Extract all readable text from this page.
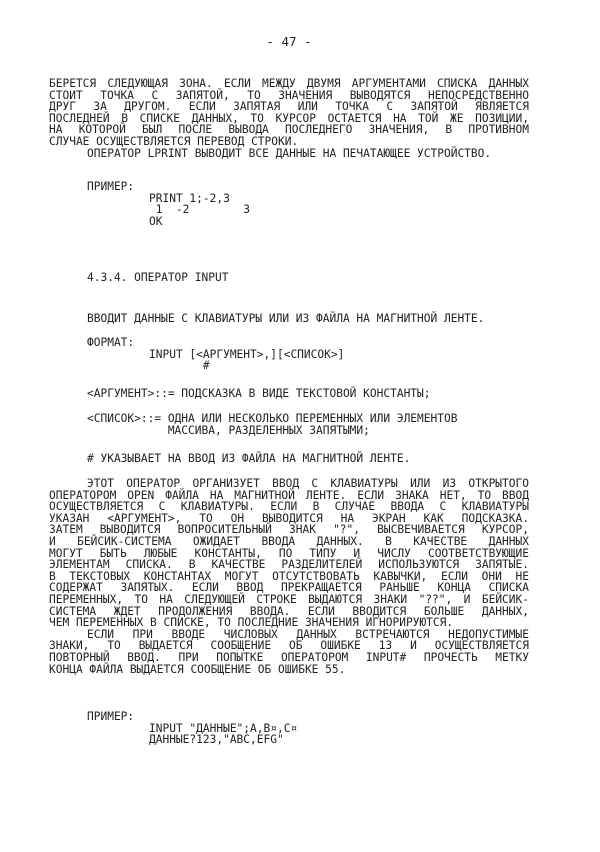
- 47 -
БЕРЕТСЯ СЛЕДУЮЩАЯ ЗОНА. ЕСЛИ МЕЖДУ ДВУМЯ АРГУМЕНТАМИ СПИСКА ДАННЫХ
СТОИТ ТОЧКА С ЗАПЯТОЙ, ТО ЗНАЧЕНИЯ ВЫВОДЯТСЯ НЕПОСРЕДСТВЕННО
ДРУГ ЗА ДРУГОМ. ЕСЛИ ЗАПЯТАЯ ИЛИ ТОЧКА С ЗАПЯТОЙ ЯВЛЯЕТСЯ
ПОСЛЕДНЕЙ В СПИСКЕ ДАННЫХ, ТО КУРСОР ОСТАЕТСЯ НА ТОЙ ЖЕ ПОЗИЦИИ,
НА КОТОРОЙ БЫЛ ПОСЛЕ ВЫВОДА ПОСЛЕДНЕГО ЗНАЧЕНИЯ, В ПРОТИВНОМ
СЛУЧАЕ ОСУЩЕСТВЛЯЕТСЯ ПЕРЕВОД СТРОКИ.
ОПЕРАТОР LPRINT ВЫВОДИТ ВСЕ ДАННЫЕ НА ПЕЧАТАЮЩЕЕ УСТРОЙСТВО.
ПРИМЕР:
PRINT 1;-2,3
1  -2        3
OK
4.3.4. ОПЕРАТОР INPUT
ВВОДИТ ДАННЫЕ С КЛАВИАТУРЫ ИЛИ ИЗ ФАЙЛА НА МАГНИТНОЙ ЛЕНТЕ.
ФОРМАТ:
INPUT [<АРГУМЕНТ>,][<СПИСОК>]
#
<АРГУМЕНТ>::= ПОДСКАЗКА В ВИДЕ ТЕКСТОВОЙ КОНСТАНТЫ;
<СПИСОК>::= ОДНА ИЛИ НЕСКОЛЬКО ПЕРЕМЕННЫХ ИЛИ ЭЛЕМЕНТОВ
МАССИВА, РАЗДЕЛЕННЫХ ЗАПЯТЫМИ;
# УКАЗЫВАЕТ НА ВВОД ИЗ ФАЙЛА НА МАГНИТНОЙ ЛЕНТЕ.
ЭТОТ ОПЕРАТОР ОРГАНИЗУЕТ ВВОД С КЛАВИАТУРЫ ИЛИ ИЗ ОТКРЫТОГО
ОПЕРАТОРОМ OPEN ФАЙЛА НА МАГНИТНОЙ ЛЕНТЕ. ЕСЛИ ЗНАКА НЕТ, ТО ВВОД
ОСУЩЕСТВЛЯЕТСЯ С КЛАВИАТУРЫ. ЕСЛИ В СЛУЧАЕ ВВОДА С КЛАВИАТУРЫ
УКАЗАН <АРГУМЕНТ>, ТО ОН ВЫВОДИТСЯ НА ЭКРАН КАК ПОДСКАЗКА.
ЗАТЕМ ВЫВОДИТСЯ ВОПРОСИТЕЛЬНЫЙ ЗНАК "?", ВЫСВЕЧИВАЕТСЯ КУРСОР,
И БЕЙСИК-СИСТЕМА ОЖИДАЕТ ВВОДА ДАННЫХ. В КАЧЕСТВЕ ДАННЫХ
МОГУТ БЫТЬ ЛЮБЫЕ КОНСТАНТЫ, ПО ТИПУ И ЧИСЛУ СООТВЕТСТВУЮЩИЕ
ЭЛЕМЕНТАМ СПИСКА. В КАЧЕСТВЕ РАЗДЕЛИТЕЛЕЙ ИСПОЛЬЗУЮТСЯ ЗАПЯТЫЕ.
В ТЕКСТОВЫХ КОНСТАНТАХ МОГУТ ОТСУТСТВОВАТЬ КАВЫЧКИ, ЕСЛИ ОНИ НЕ
СОДЕРЖАТ ЗАПЯТЫХ. ЕСЛИ ВВОД ПРЕКРАЩАЕТСЯ РАНЬШЕ КОНЦА СПИСКА
ПЕРЕМЕННЫХ, ТО НА СЛЕДУЮЩЕЙ СТРОКЕ ВЫДАЮТСЯ ЗНАКИ "??", И БЕЙСИК-
СИСТЕМА ЖДЕТ ПРОДОЛЖЕНИЯ ВВОДА. ЕСЛИ ВВОДИТСЯ БОЛЬШЕ ДАННЫХ,
ЧЕМ ПЕРЕМЕННЫХ В СПИСКЕ, ТО ПОСЛЕДНИЕ ЗНАЧЕНИЯ ИГНОРИРУЮТСЯ.
ЕСЛИ ПРИ ВВОДЕ ЧИСЛОВЫХ ДАННЫХ ВСТРЕЧАЮТСЯ НЕДОПУСТИМЫЕ
ЗНАКИ, ТО ВЫДАЕТСЯ СООБЩЕНИЕ ОБ ОШИБКЕ 13 И ОСУЩЕСТВЛЯЕТСЯ
ПОВТОРНЫЙ ВВОД. ПРИ ПОПЫТКЕ ОПЕРАТОРОМ INPUT# ПРОЧЕСТЬ МЕТКУ
КОНЦА ФАЙЛА ВЫДАЕТСЯ СООБЩЕНИЕ ОБ ОШИБКЕ 55.
ПРИМЕР:
INPUT "ДАННЫЕ";A,B¤,C¤
ДАННЫЕ?123,"ABC,EFG"
